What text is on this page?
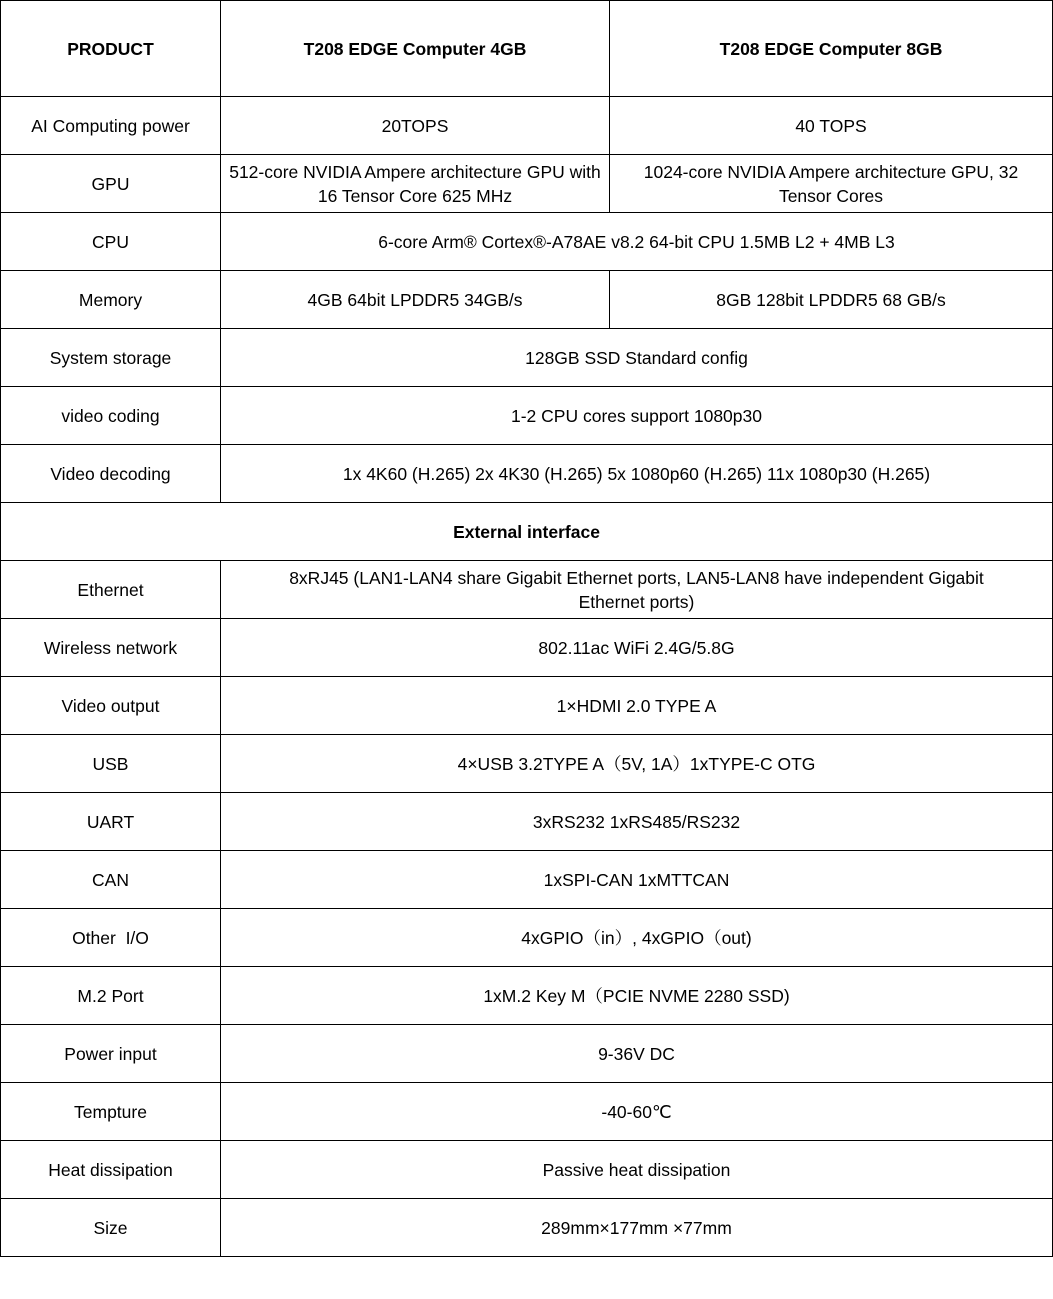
PRODUCT	T208 EDGE Computer 4GB	T208 EDGE Computer 8GB
AI Computing power	20TOPS	40 TOPS
GPU	512-core NVIDIA Ampere architecture GPU with 16 Tensor Core 625 MHz	1024-core NVIDIA Ampere architecture GPU, 32 Tensor Cores
CPU	6-core Arm® Cortex®-A78AE v8.2 64-bit CPU 1.5MB L2 + 4MB L3	
Memory	4GB 64bit LPDDR5 34GB/s	8GB 128bit LPDDR5 68 GB/s
System storage	128GB SSD Standard config	
video coding	1-2 CPU cores support 1080p30	
Video decoding	1x 4K60 (H.265) 2x 4K30 (H.265) 5x 1080p60 (H.265) 11x 1080p30 (H.265)	
External interface		
Ethernet	8xRJ45 (LAN1-LAN4 share Gigabit Ethernet ports, LAN5-LAN8 have independent Gigabit Ethernet ports)	
Wireless network	802.11ac WiFi 2.4G/5.8G	
Video output	1×HDMI 2.0 TYPE A	
USB	4×USB 3.2TYPE A（5V, 1A）1xTYPE-C OTG	
UART	3xRS232 1xRS485/RS232	
CAN	1xSPI-CAN 1xMTTCAN	
Other  I/O	4xGPIO（in）, 4xGPIO（out)	
M.2 Port	1xM.2 Key M（PCIE NVME 2280 SSD)	
Power input	9-36V DC	
Tempture	-40-60℃	
Heat dissipation	Passive heat dissipation	
Size	289mm×177mm ×77mm	
